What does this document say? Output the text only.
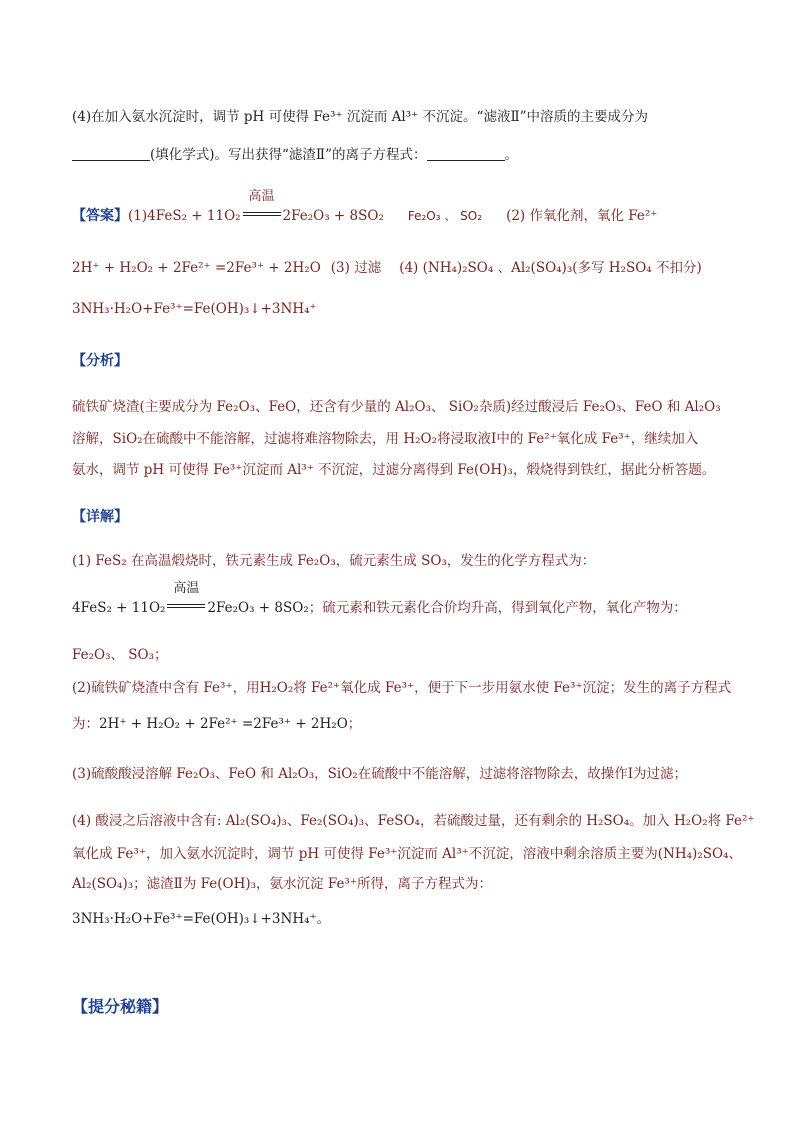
(4)在加入氨水沉淀时，调节 pH 可使得 Fe³⁺ 沉淀而 Al³⁺ 不沉淀。“滤液Ⅱ”中溶质的主要成分为
(填化学式)。写出获得“滤渣Ⅱ”的离子方程式：	。
【答案】(1)4FeS₂ + 11O₂
高温
2Fe₂O₃ + 8SO₂ Fe₂O₃ 、 SO₂ (2) 作氧化剂，氧化 Fe²⁺
2H⁺ + H₂O₂ + 2Fe²⁺ =2Fe³⁺ + 2H₂O (3) 过滤 (4) (NH₄)₂SO₄ 、Al₂(SO₄)₃(多写 H₂SO₄ 不扣分)
3NH₃·H₂O+Fe³⁺=Fe(OH)₃↓+3NH₄⁺
【分析】
硫铁矿烧渣(主要成分为 Fe₂O₃、FeO，还含有少量的 Al₂O₃、 SiO₂杂质)经过酸浸后 Fe₂O₃、FeO 和 Al₂O₃
溶解，SiO₂在硫酸中不能溶解，过滤将难溶物除去，用 H₂O₂将浸取液Ⅰ中的 Fe²⁺氧化成 Fe³⁺，继续加入
氨水，调节 pH 可使得 Fe³⁺沉淀而 Al³⁺ 不沉淀，过滤分离得到 Fe(OH)₃，煅烧得到铁红，据此分析答题。
【详解】
(1) FeS₂ 在高温煅烧时，铁元素生成 Fe₂O₃，硫元素生成 SO₃，发生的化学方程式为：
4FeS₂ + 11O₂
高温
2Fe₂O₃ + 8SO₂；硫元素和铁元素化合价均升高，得到氧化产物，氧化产物为：
Fe₂O₃、 SO₃；
(2)硫铁矿烧渣中含有 Fe³⁺，用H₂O₂将 Fe²⁺氧化成 Fe³⁺，便于下一步用氨水使 Fe³⁺沉淀；发生的离子方程式
为：2H⁺ + H₂O₂ + 2Fe²⁺ =2Fe³⁺ + 2H₂O；
(3)硫酸酸浸溶解 Fe₂O₃、FeO 和 Al₂O₃，SiO₂在硫酸中不能溶解，过滤将溶物除去，故操作Ⅰ为过滤；
(4) 酸浸之后溶液中含有: Al₂(SO₄)₃、Fe₂(SO₄)₃、FeSO₄，若硫酸过量，还有剩余的 H₂SO₄。加入 H₂O₂将 Fe²⁺
氧化成 Fe³⁺，加入氨水沉淀时，调节 pH 可使得 Fe³⁺沉淀而 Al³⁺不沉淀，溶液中剩余溶质主要为(NH₄)₂SO₄、
Al₂(SO₄)₃；滤渣Ⅱ为 Fe(OH)₃，氨水沉淀 Fe³⁺所得，离子方程式为：
3NH₃·H₂O+Fe³⁺=Fe(OH)₃↓+3NH₄⁺。
【提分秘籍】
